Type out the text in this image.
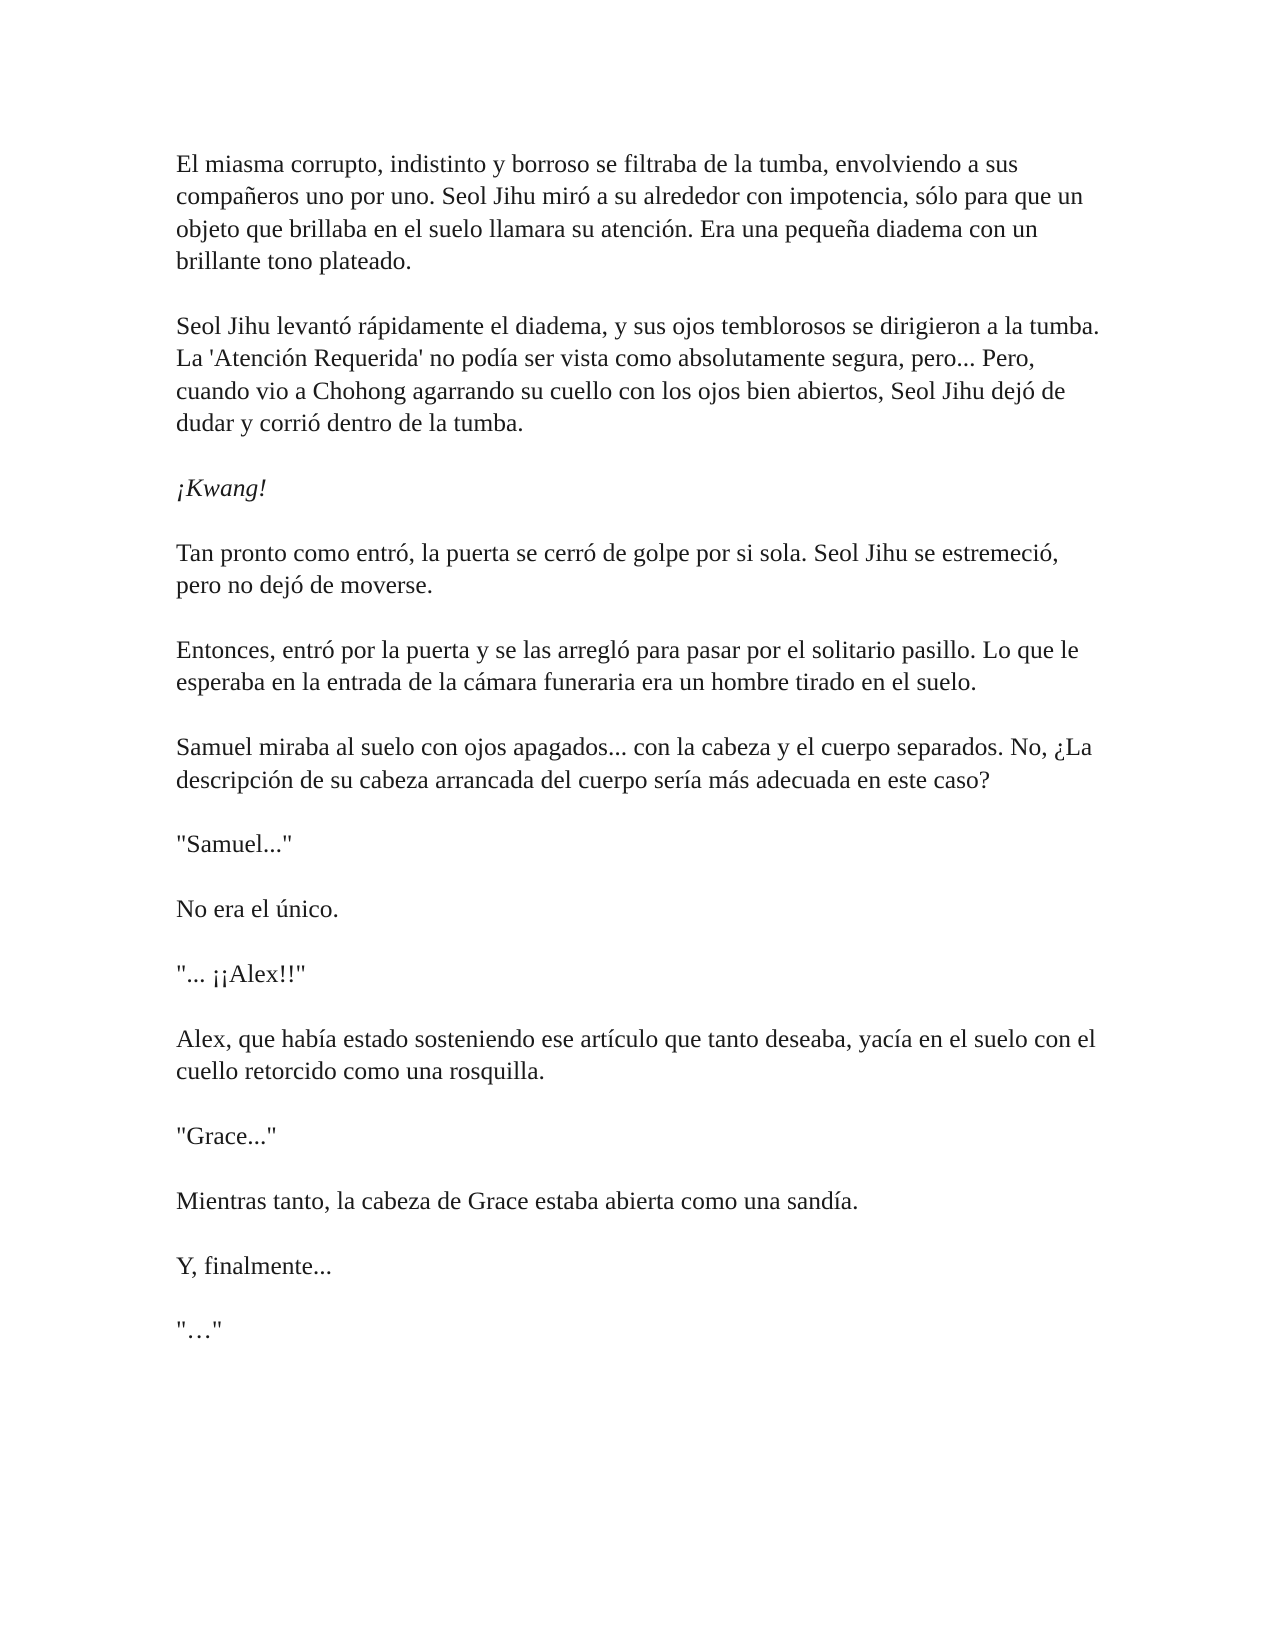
El miasma corrupto, indistinto y borroso se filtraba de la tumba, envolviendo a sus compañeros uno por uno. Seol Jihu miró a su alrededor con impotencia, sólo para que un objeto que brillaba en el suelo llamara su atención. Era una pequeña diadema con un brillante tono plateado.

Seol Jihu levantó rápidamente el diadema, y sus ojos temblorosos se dirigieron a la tumba. La 'Atención Requerida' no podía ser vista como absolutamente segura, pero... Pero, cuando vio a Chohong agarrando su cuello con los ojos bien abiertos, Seol Jihu dejó de dudar y corrió dentro de la tumba.

¡Kwang!

Tan pronto como entró, la puerta se cerró de golpe por si sola. Seol Jihu se estremeció, pero no dejó de moverse.

Entonces, entró por la puerta y se las arregló para pasar por el solitario pasillo. Lo que le esperaba en la entrada de la cámara funeraria era un hombre tirado en el suelo.

Samuel miraba al suelo con ojos apagados... con la cabeza y el cuerpo separados. No, ¿La descripción de su cabeza arrancada del cuerpo sería más adecuada en este caso?

"Samuel..."

No era el único.

"... ¡¡Alex!!"

Alex, que había estado sosteniendo ese artículo que tanto deseaba, yacía en el suelo con el cuello retorcido como una rosquilla.

"Grace..."

Mientras tanto, la cabeza de Grace estaba abierta como una sandía.

Y, finalmente...

"…"
